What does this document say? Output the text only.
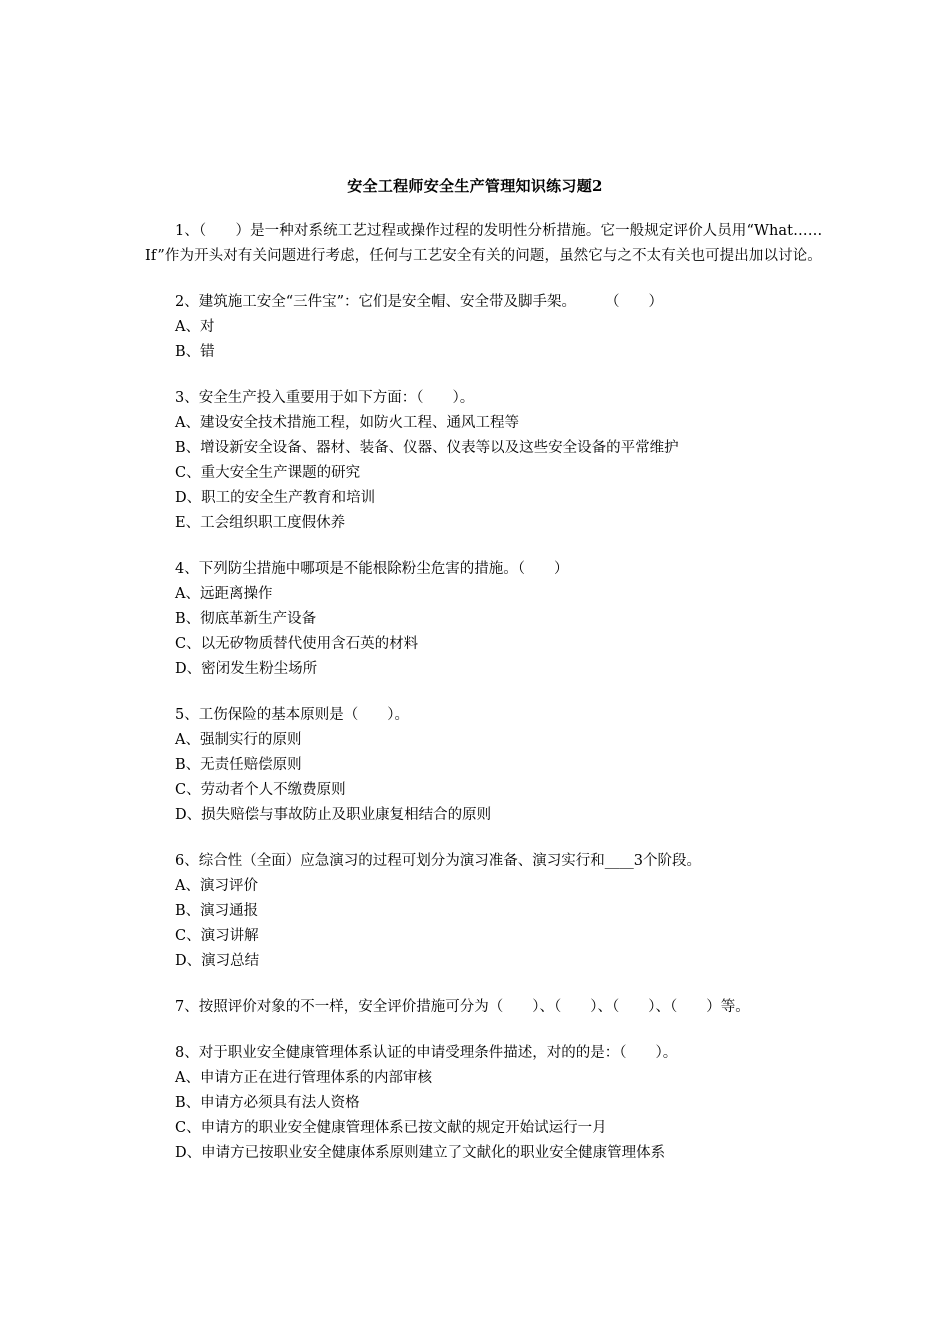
安全工程师安全生产管理知识练习题2
1、（　　）是一种对系统工艺过程或操作过程的发明性分析措施。它一般规定评价人员用“What……If”作为开头对有关问题进行考虑，任何与工艺安全有关的问题，虽然它与之不太有关也可提出加以讨论。
2、建筑施工安全“三件宝”：它们是安全帽、安全带及脚手架。　　　（　　）
A、对
B、错
3、安全生产投入重要用于如下方面：（　　）。
A、建设安全技术措施工程，如防火工程、通风工程等
B、增设新安全设备、器材、装备、仪器、仪表等以及这些安全设备的平常维护
C、重大安全生产课题的研究
D、职工的安全生产教育和培训
E、工会组织职工度假休养
4、下列防尘措施中哪项是不能根除粉尘危害的措施。（　　）
A、远距离操作
B、彻底革新生产设备
C、以无矽物质替代使用含石英的材料
D、密闭发生粉尘场所
5、工伤保险的基本原则是（　　）。
A、强制实行的原则
B、无责任赔偿原则
C、劳动者个人不缴费原则
D、损失赔偿与事故防止及职业康复相结合的原则
6、综合性（全面）应急演习的过程可划分为演习准备、演习实行和____3个阶段。
A、演习评价
B、演习通报
C、演习讲解
D、演习总结
7、按照评价对象的不一样，安全评价措施可分为（　　）、（　　）、（　　）、（　　）等。
8、对于职业安全健康管理体系认证的申请受理条件描述，对的的是：（　　）。
A、申请方正在进行管理体系的内部审核
B、申请方必须具有法人资格
C、申请方的职业安全健康管理体系已按文献的规定开始试运行一月
D、申请方已按职业安全健康体系原则建立了文献化的职业安全健康管理体系
